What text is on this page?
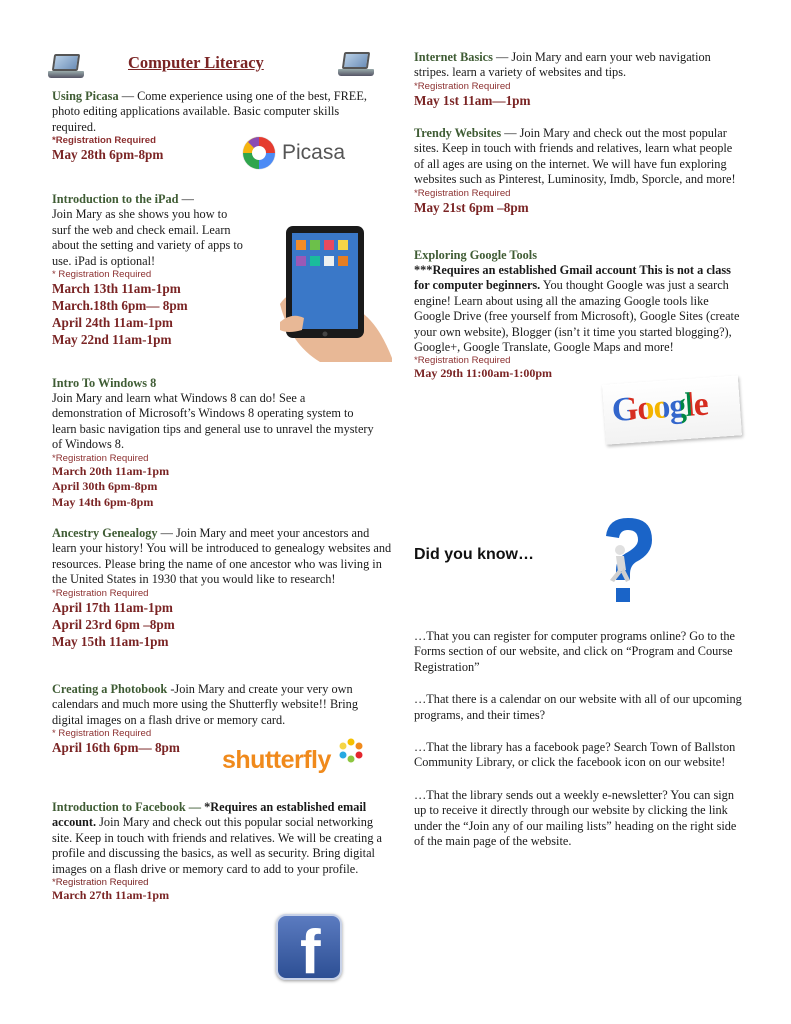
Computer Literacy
Using Picasa — Come experience using one of the best, FREE, photo editing applications available. Basic computer skills required.
*Registration Required
May 28th 6pm-8pm	Picasa
Introduction to the iPad —
Join Mary as she shows you how to surf the web and check email. Learn about the setting and variety of apps to use. iPad is optional!
* Registration Required
March 13th 11am-1pm
March.18th 6pm— 8pm
April 24th 11am-1pm
May 22nd 11am-1pm
Intro To Windows 8
Join Mary and learn what Windows 8 can do! See a demonstration of Microsoft’s Windows 8 operating system to learn basic navigation tips and general use to unravel the mystery of Windows 8.
*Registration Required
March 20th 11am-1pm
April 30th 6pm-8pm
May 14th 6pm-8pm
Ancestry Genealogy — Join Mary and meet your ancestors and learn your history! You will be introduced to genealogy websites and resources. Please bring the name of one ancestor who was living in the United States in 1930 that you would like to research!
*Registration Required
April 17th 11am-1pm
April 23rd 6pm –8pm
May 15th 11am-1pm
Creating a Photobook -Join Mary and create your very own calendars and much more using the Shutterfly website!! Bring digital images on a flash drive or memory card.
* Registration Required
April 16th 6pm— 8pm	shutterfly
Introduction to Facebook — *Requires an established email account. Join Mary and check out this popular social networking site. Keep in touch with friends and relatives. We will be creating a profile and discussing the basics, as well as security. Bring digital images on a flash drive or memory card to add to your profile.
*Registration Required
March 27th 11am-1pm
f
Internet Basics — Join Mary and earn your web navigation stripes. learn a variety of websites and tips.
*Registration Required
May 1st 11am—1pm
Trendy Websites — Join Mary and check out the most popular sites. Keep in touch with friends and relatives, learn what people of all ages are using on the internet. We will have fun exploring websites such as Pinterest, Luminosity, Imdb, Sporcle, and more!
*Registration Required
May 21st 6pm –8pm
Exploring Google Tools
***Requires an established Gmail account This is not a class for computer beginners. You thought Google was just a search engine! Learn about using all the amazing Google tools like Google Drive (free yourself from Microsoft), Google Sites (create your own website), Blogger (isn’t it time you started blogging?), Google+, Google Translate, Google Maps and more!
*Registration Required
May 29th 11:00am-1:00pm
Google
Did you know…
…That you can register for computer programs online? Go to the Forms section of our website, and click on “Program and Course Registration”
…That there is a calendar on our website with all of our upcoming programs, and their times?
…That the library has a facebook page? Search Town of Ballston Community Library, or click the facebook icon on our website!
…That the library sends out a weekly e-newsletter? You can sign up to receive it directly through our website by clicking the link under the “Join any of our mailing lists” heading on the right side of the main page of the website.
